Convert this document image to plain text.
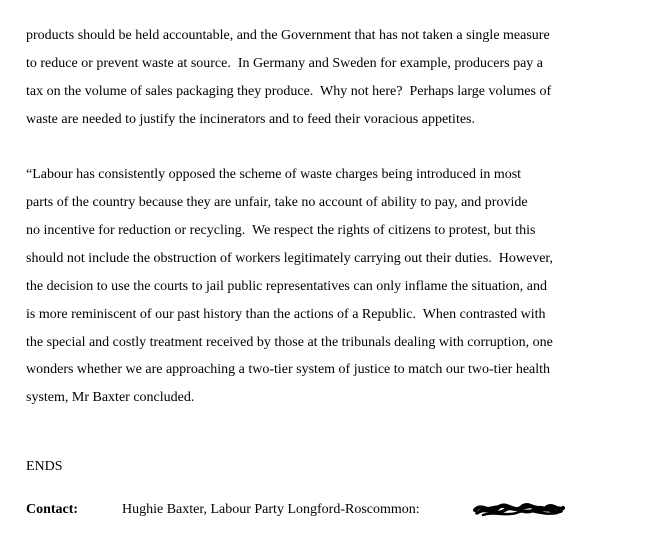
products should be held accountable, and the Government that has not taken a single measure
to reduce or prevent waste at source.  In Germany and Sweden for example, producers pay a
tax on the volume of sales packaging they produce.  Why not here?  Perhaps large volumes of
waste are needed to justify the incinerators and to feed their voracious appetites.
“Labour has consistently opposed the scheme of waste charges being introduced in most
parts of the country because they are unfair, take no account of ability to pay, and provide
no incentive for reduction or recycling.  We respect the rights of citizens to protest, but this
should not include the obstruction of workers legitimately carrying out their duties.  However,
the decision to use the courts to jail public representatives can only inflame the situation, and
is more reminiscent of our past history than the actions of a Republic.  When contrasted with
the special and costly treatment received by those at the tribunals dealing with corruption, one
wonders whether we are approaching a two-tier system of justice to match our two-tier health
system, Mr Baxter concluded.
ENDS
Contact:	Hughie Baxter, Labour Party Longford-Roscommon:
